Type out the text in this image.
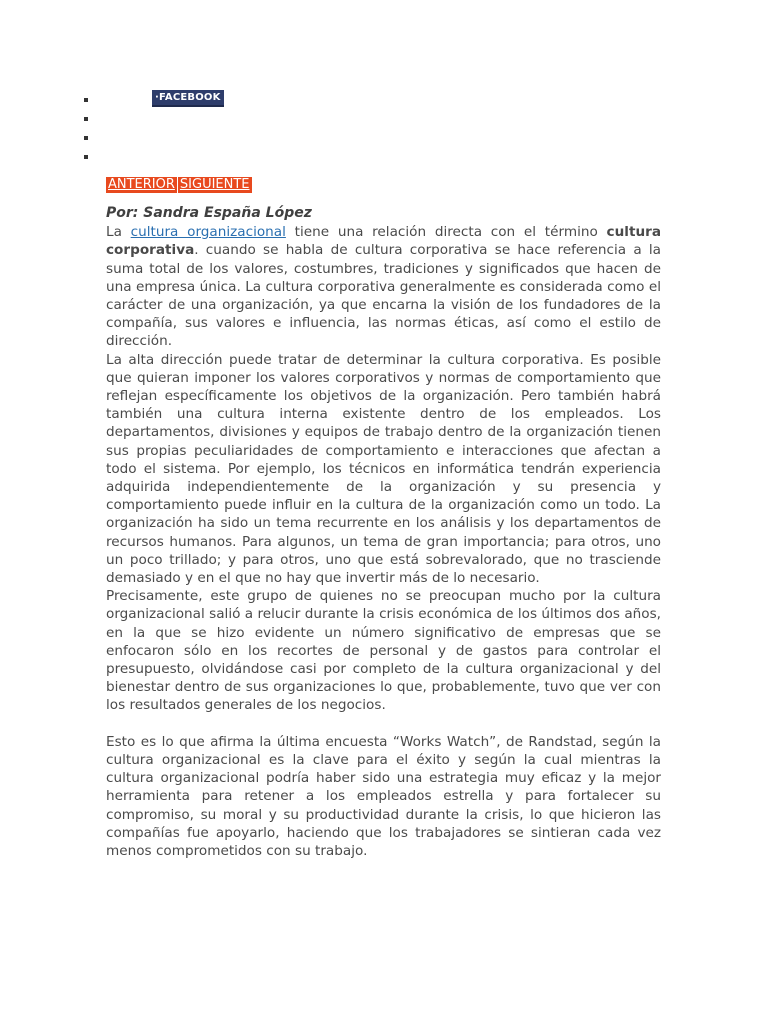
· FACEBOOK
ANTERIOR SIGUIENTE
Por: Sandra España López

La cultura organizacional tiene una relación directa con el término cultura corporativa. cuando se habla de cultura corporativa se hace referencia a la suma total de los valores, costumbres, tradiciones y significados que hacen de una empresa única. La cultura corporativa generalmente es considerada como el carácter de una organización, ya que encarna la visión de los fundadores de la compañía, sus valores e influencia, las normas éticas, así como el estilo de dirección.

La alta dirección puede tratar de determinar la cultura corporativa. Es posible que quieran imponer los valores corporativos y normas de comportamiento que reflejan específicamente los objetivos de la organización. Pero también habrá también una cultura interna existente dentro de los empleados. Los departamentos, divisiones y equipos de trabajo dentro de la organización tienen sus propias peculiaridades de comportamiento e interacciones que afectan a todo el sistema. Por ejemplo, los técnicos en informática tendrán experiencia adquirida independientemente de la organización y su presencia y comportamiento puede influir en la cultura de la organización como un todo. La organización ha sido un tema recurrente en los análisis y los departamentos de recursos humanos. Para algunos, un tema de gran importancia; para otros, uno un poco trillado; y para otros, uno que está sobrevalorado, que no trasciende demasiado y en el que no hay que invertir más de lo necesario.

Precisamente, este grupo de quienes no se preocupan mucho por la cultura organizacional salió a relucir durante la crisis económica de los últimos dos años, en la que se hizo evidente un número significativo de empresas que se enfocaron sólo en los recortes de personal y de gastos para controlar el presupuesto, olvidándose casi por completo de la cultura organizacional y del bienestar dentro de sus organizaciones lo que, probablemente, tuvo que ver con los resultados generales de los negocios.

Esto es lo que afirma la última encuesta “Works Watch”, de Randstad, según la cultura organizacional es la clave para el éxito y según la cual mientras la cultura organizacional podría haber sido una estrategia muy eficaz y la mejor herramienta para retener a los empleados estrella y para fortalecer su compromiso, su moral y su productividad durante la crisis, lo que hicieron las compañías fue apoyarlo, haciendo que los trabajadores se sintieran cada vez menos comprometidos con su trabajo.
